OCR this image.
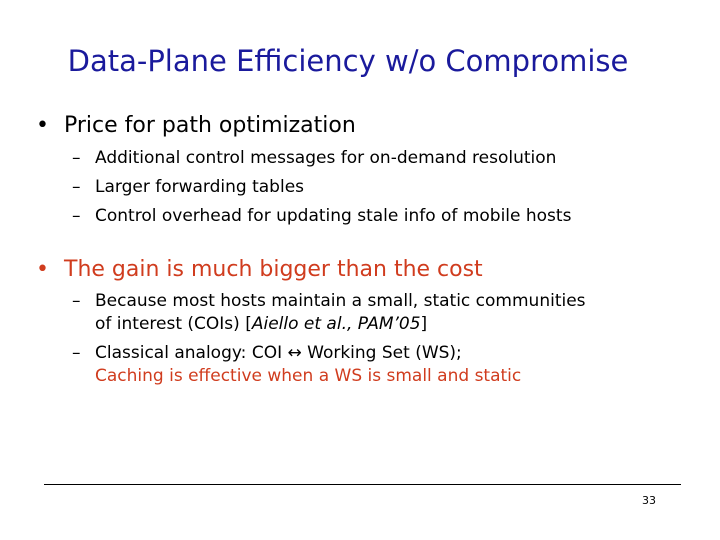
Data-Plane Efficiency w/o Compromise
• Price for path optimization
– Additional control messages for on-demand resolution
– Larger forwarding tables
– Control overhead for updating stale info of mobile hosts
• The gain is much bigger than the cost
– Because most hosts maintain a small, static communities
of interest (COIs) [Aiello et al., PAM’05]
– Classical analogy: COI ↔ Working Set (WS);
Caching is effective when a WS is small and static
33
